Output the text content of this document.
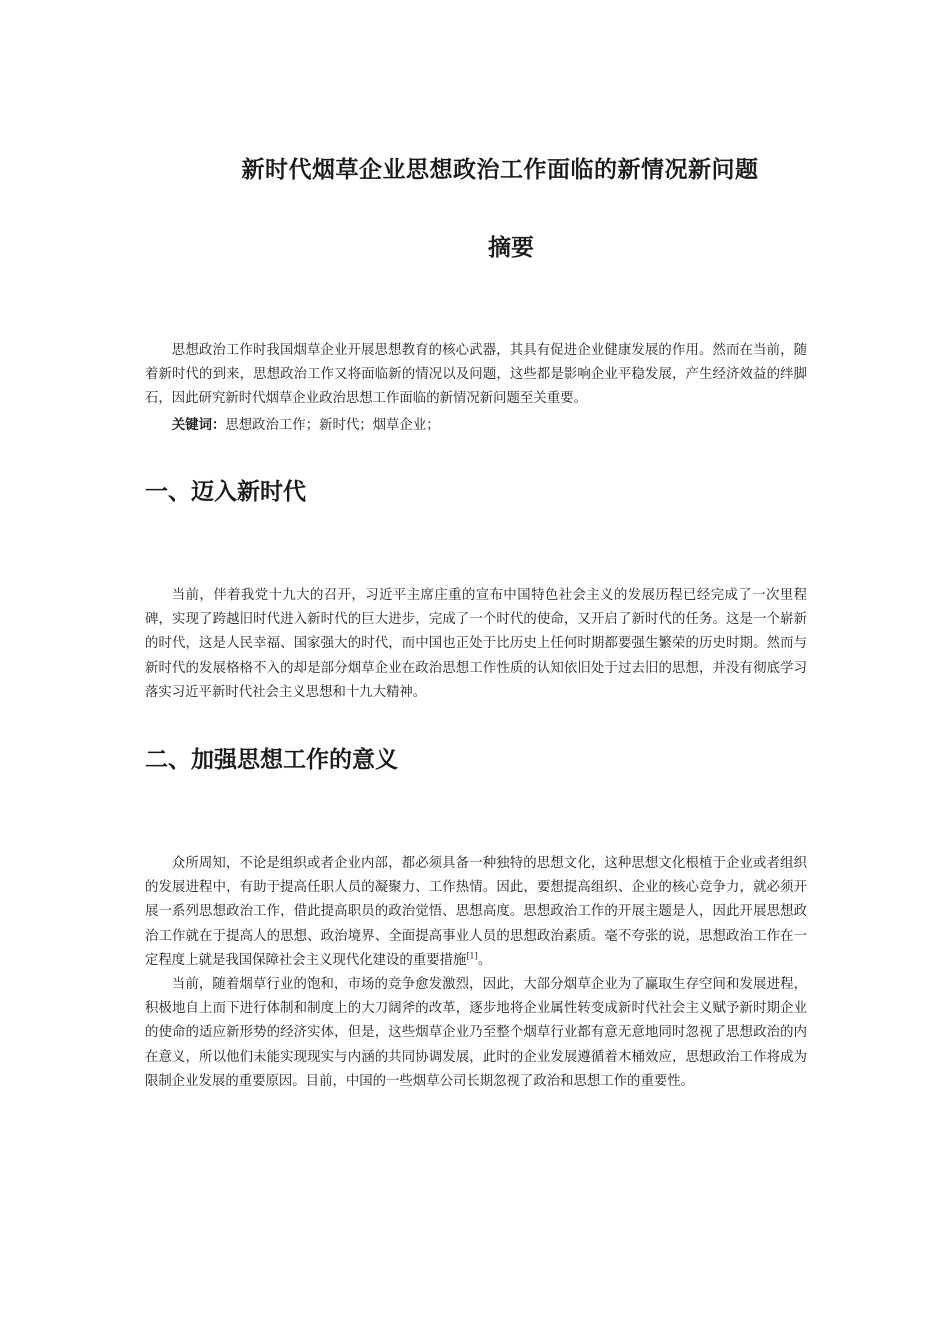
新时代烟草企业思想政治工作面临的新情况新问题
摘要

思想政治工作时我国烟草企业开展思想教育的核心武器，其具有促进企业健康发展的作用。然而在当前，随着新时代的到来，思想政治工作又将面临新的情况以及问题，这些都是影响企业平稳发展，产生经济效益的绊脚石，因此研究新时代烟草企业政治思想工作面临的新情况新问题至关重要。

关键词：思想政治工作；新时代；烟草企业；

一、迈入新时代

当前，伴着我党十九大的召开，习近平主席庄重的宣布中国特色社会主义的发展历程已经完成了一次里程碑，实现了跨越旧时代进入新时代的巨大进步，完成了一个时代的使命，又开启了新时代的任务。这是一个崭新的时代，这是人民幸福、国家强大的时代，而中国也正处于比历史上任何时期都要强生繁荣的历史时期。然而与新时代的发展格格不入的却是部分烟草企业在政治思想工作性质的认知依旧处于过去旧的思想，并没有彻底学习落实习近平新时代社会主义思想和十九大精神。

二、加强思想工作的意义

众所周知，不论是组织或者企业内部，都必须具备一种独特的思想文化，这种思想文化根植于企业或者组织的发展进程中，有助于提高任职人员的凝聚力、工作热情。因此，要想提高组织、企业的核心竞争力，就必须开展一系列思想政治工作，借此提高职员的政治觉悟、思想高度。思想政治工作的开展主题是人，因此开展思想政治工作就在于提高人的思想、政治境界、全面提高事业人员的思想政治素质。毫不夸张的说，思想政治工作在一定程度上就是我国保障社会主义现代化建设的重要措施[1]。

当前，随着烟草行业的饱和，市场的竞争愈发激烈，因此，大部分烟草企业为了赢取生存空间和发展进程，积极地自上而下进行体制和制度上的大刀阔斧的改革，逐步地将企业属性转变成新时代社会主义赋予新时期企业的使命的适应新形势的经济实体，但是，这些烟草企业乃至整个烟草行业都有意无意地同时忽视了思想政治的内在意义，所以他们未能实现现实与内涵的共同协调发展，此时的企业发展遵循着木桶效应，思想政治工作将成为限制企业发展的重要原因。目前，中国的一些烟草公司长期忽视了政治和思想工作的重要性。
